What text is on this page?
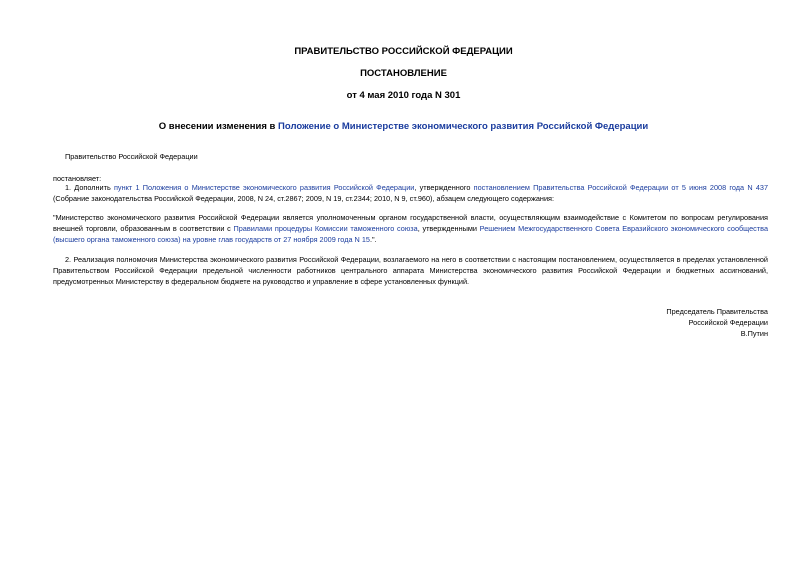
ПРАВИТЕЛЬСТВО РОССИЙСКОЙ ФЕДЕРАЦИИ
ПОСТАНОВЛЕНИЕ
от 4 мая 2010 года N 301
О внесении изменения в Положение о Министерстве экономического развития Российской Федерации
Правительство Российской Федерации
постановляет:
1. Дополнить пункт 1 Положения о Министерстве экономического развития Российской Федерации, утвержденного постановлением Правительства Российской Федерации от 5 июня 2008 года N 437 (Собрание законодательства Российской Федерации, 2008, N 24, ст.2867; 2009, N 19, ст.2344; 2010, N 9, ст.960), абзацем следующего содержания:
"Министерство экономического развития Российской Федерации является уполномоченным органом государственной власти, осуществляющим взаимодействие с Комитетом по вопросам регулирования внешней торговли, образованным в соответствии с Правилами процедуры Комиссии таможенного союза, утвержденными Решением Межгосударственного Совета Евразийского экономического сообщества (высшего органа таможенного союза) на уровне глав государств от 27 ноября 2009 года N 15.".
2. Реализация полномочия Министерства экономического развития Российской Федерации, возлагаемого на него в соответствии с настоящим постановлением, осуществляется в пределах установленной Правительством Российской Федерации предельной численности работников центрального аппарата Министерства экономического развития Российской Федерации и бюджетных ассигнований, предусмотренных Министерству в федеральном бюджете на руководство и управление в сфере установленных функций.
Председатель Правительства
Российской Федерации
В.Путин
